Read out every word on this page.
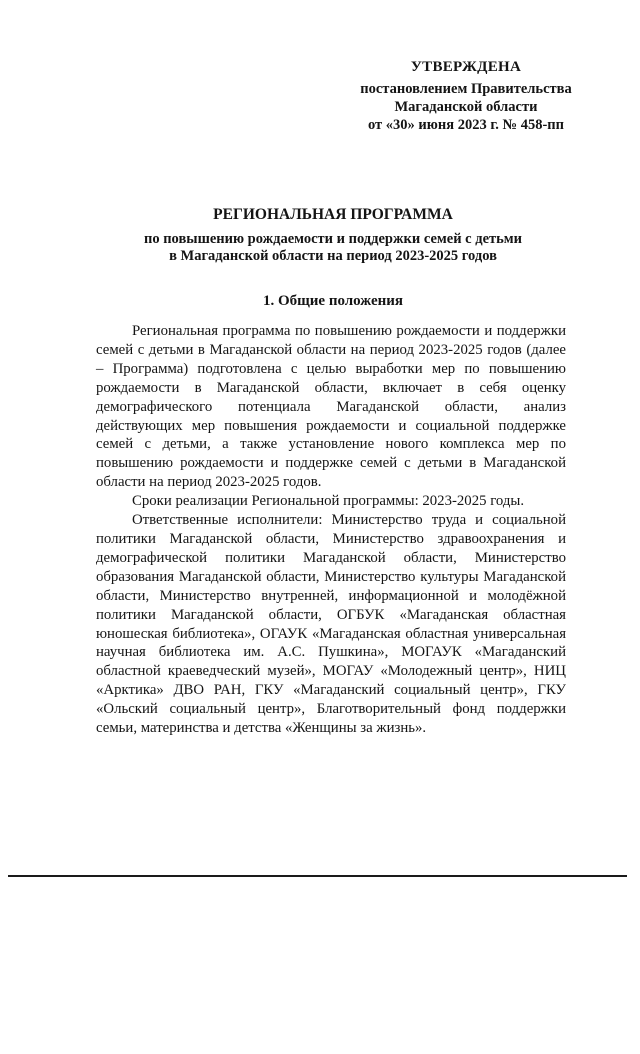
УТВЕРЖДЕНА
постановлением Правительства
Магаданской области
от «30» июня 2023 г. № 458-пп
РЕГИОНАЛЬНАЯ ПРОГРАММА
по повышению рождаемости и поддержки семей с детьми
в Магаданской области на период 2023-2025 годов
1. Общие положения

Региональная программа по повышению рождаемости и поддержки семей с детьми в Магаданской области на период 2023-2025 годов (далее – Программа) подготовлена с целью выработки мер по повышению рождаемости в Магаданской области, включает в себя оценку демографического потенциала Магаданской области, анализ действующих мер повышения рождаемости и социальной поддержке семей с детьми, а также установление нового комплекса мер по повышению рождаемости и поддержке семей с детьми в Магаданской области на период 2023-2025 годов.

Сроки реализации Региональной программы: 2023-2025 годы.

Ответственные исполнители: Министерство труда и социальной политики Магаданской области, Министерство здравоохранения и демографической политики Магаданской области, Министерство образования Магаданской области, Министерство культуры Магаданской области, Министерство внутренней, информационной и молодёжной политики Магаданской области, ОГБУК «Магаданская областная юношеская библиотека», ОГАУК «Магаданская областная универсальная научная библиотека им. А.С. Пушкина», МОГАУК «Магаданский областной краеведческий музей», МОГАУ «Молодежный центр», НИЦ «Арктика» ДВО РАН, ГКУ «Магаданский социальный центр», ГКУ «Ольский социальный центр», Благотворительный фонд поддержки семьи, материнства и детства «Женщины за жизнь».
